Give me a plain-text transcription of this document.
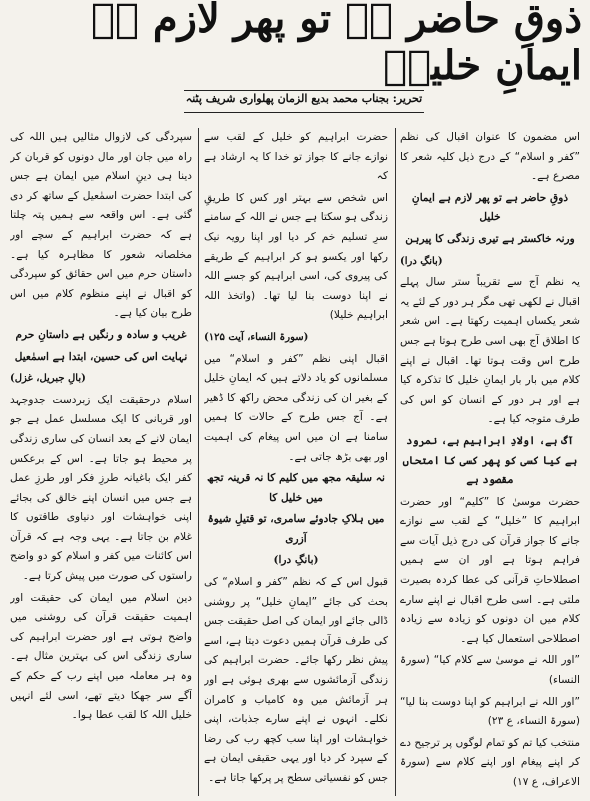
ذوقِ حاضر ہے تو پھر لازم ہے ایمانِ خلیلؑ
تحریر: بجناب محمد بدیع الزمان پھلواری شریف پٹنہ

اس مضمون کا عنوان اقبال کی نظم ”کفر و اسلام“ کے درج ذیل کلیہ شعر کا مصرع ہے۔

ذوقِ حاضر ہے تو پھر لازم ہے ایمانِ خلیل

ورنہ خاکستر ہے تیری زندگی کا پیرہن

(بانگِ درا)

یہ نظم آج سے تقریباً ستر سال پہلے اقبال نے لکھی تھی مگر ہر دور کے لئے یہ شعر یکساں اہمیت رکھتا ہے۔ اس شعر کا اطلاق آج بھی اسی طرح ہوتا ہے جس طرح اس وقت ہوتا تھا۔ اقبال نے اپنے کلام میں بار بار ایمانِ خلیل کا تذکرہ کیا ہے اور ہر دور کے انسان کو اس کی طرف متوجہ کیا ہے۔

آگ ہے، اولادِ ابراہیم ہے، نمرود ہے کیا کسی کو پھر کسی کا امتحاں مقصود ہے

حضرت موسیٰ کا ”کلیم“ اور حضرت ابراہیم کا ”خلیل“ کے لقب سے نوازے جانے کا جواز قرآن کی درج ذیل آیات سے فراہم ہوتا ہے اور ان سے ہمیں اصطلاحاتِ قرآنی کی عطا کردہ بصیرت ملتی ہے۔ اسی طرح اقبال نے اپنے سارے کلام میں ان دونوں کو زیادہ سے زیادہ اصطلاحی استعمال کیا ہے۔

”اور اللہ نے موسیٰ سے کلام کیا“ (سورۃ النساء)

”اور اللہ نے ابراہیم کو اپنا دوست بنا لیا“ (سورۃ النساء، ع ۲۳)

منتخب کیا تم کو تمام لوگوں پر ترجیح دے کر اپنے پیغام اور اپنے کلام سے (سورۃ الاعراف، ع ۱۷)

حضرت ابراہیم کو خلیل کے لقب سے نوازے جانے کا جواز تو خدا کا یہ ارشاد ہے کہ

اس شخص سے بہتر اور کس کا طریقِ زندگی ہو سکتا ہے جس نے اللہ کے سامنے سرِ تسلیم خم کر دیا اور اپنا رویہ نیک رکھا اور یکسو ہو کر ابراہیم کے طریقے کی پیروی کی، اسی ابراہیم کو جسے اللہ نے اپنا دوست بنا لیا تھا۔ (واتخذ اللہ ابراہیم خلیلا)

(سورۃ النساء، آیت ۱۲۵)

اقبال اپنی نظم ”کفر و اسلام“ میں مسلمانوں کو یاد دلاتے ہیں کہ ایمانِ خلیل کے بغیر ان کی زندگی محض راکھ کا ڈھیر ہے۔ آج جس طرح کے حالات کا ہمیں سامنا ہے ان میں اس پیغام کی اہمیت اور بھی بڑھ جاتی ہے۔

نہ سلیقہ مجھ میں کلیم کا نہ قرینہ تجھ میں خلیل کا

میں ہلاکِ جادوئے سامری، تو قتیلِ شیوۂ آزری

(بانگِ درا)

قبول اس کے کہ نظم ”کفر و اسلام“ کی بحث کی جائے ”ایمانِ خلیل“ پر روشنی ڈالی جائے اور ایمان کی اصل حقیقت جس کی طرف قرآن ہمیں دعوت دیتا ہے، اسے پیش نظر رکھا جائے۔ حضرت ابراہیم کی زندگی آزمائشوں سے بھری ہوئی ہے اور ہر آزمائش میں وہ کامیاب و کامران نکلے۔ انہوں نے اپنے سارے جذبات، اپنی خواہشات اور اپنا سب کچھ رب کی رضا کے سپرد کر دیا اور یہی حقیقی ایمان ہے جس کو نفسیاتی سطح پر پرکھا جاتا ہے۔

سپردگی کی لازوال مثالیں ہیں اللہ کی راہ میں جان اور مال دونوں کو قربان کر دینا ہی دینِ اسلام میں ایمان ہے جس کی ابتدا حضرت اسمٰعیل کے ساتھ کر دی گئی ہے۔ اس واقعہ سے ہمیں پتہ چلتا ہے کہ حضرت ابراہیم کے سچے اور مخلصانہ شعور کا مظاہرہ کیا ہے۔ داستان حرم میں اس حقائق کو سپردگی کو اقبال نے اپنے منظوم کلام میں اس طرح بیان کیا ہے۔

غریب و سادہ و رنگیں ہے داستانِ حرم

نہایت اس کی حسین، ابتدا ہے اسمٰعیل

(بالِ جبریل، غزل)

اسلام درحقیقت ایک زبردست جدوجہد اور قربانی کا ایک مسلسل عمل ہے جو ایمان لانے کے بعد انسان کی ساری زندگی پر محیط ہو جاتا ہے۔ اس کے برعکس کفر ایک باغیانہ طرزِ فکر اور طرزِ عمل ہے جس میں انسان اپنے خالق کی بجائے اپنی خواہشات اور دنیاوی طاقتوں کا غلام بن جاتا ہے۔ یہی وجہ ہے کہ قرآن اس کائنات میں کفر و اسلام کو دو واضح راستوں کی صورت میں پیش کرتا ہے۔

دین اسلام میں ایمان کی حقیقت اور اہمیت حقیقت قرآن کی روشنی میں واضح ہوتی ہے اور حضرت ابراہیم کی ساری زندگی اس کی بہترین مثال ہے۔ وہ ہر معاملہ میں اپنے رب کے حکم کے آگے سر جھکا دیتے تھے، اسی لئے انہیں خلیل اللہ کا لقب عطا ہوا۔
